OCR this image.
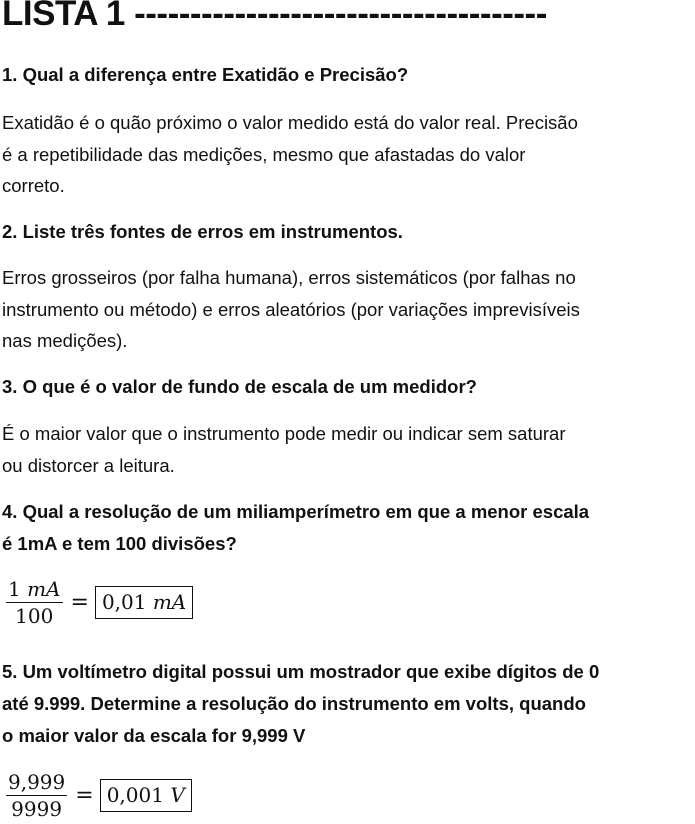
LISTA 1 -------------------------------------

1. Qual a diferença entre Exatidão e Precisão?

Exatidão é o quão próximo o valor medido está do valor real. Precisão
é a repetibilidade das medições, mesmo que afastadas do valor
correto.

2. Liste três fontes de erros em instrumentos.

Erros grosseiros (por falha humana), erros sistemáticos (por falhas no
instrumento ou método) e erros aleatórios (por variações imprevisíveis
nas medições).

3. O que é o valor de fundo de escala de um medidor?

É o maior valor que o instrumento pode medir ou indicar sem saturar
ou distorcer a leitura.
4. Qual a resolução de um miliamperímetro em que a menor escala
é 1mA e tem 100 divisões?
$\frac{1 mA}{100} = 0,01$ mA
5. Um voltímetro digital possui um mostrador que exibe dígitos de 0
até 9.999. Determine a resolução do instrumento em volts, quando
o maior valor da escala for 9,999 V
$\frac{9,999}{9999} = 0,001$ V
